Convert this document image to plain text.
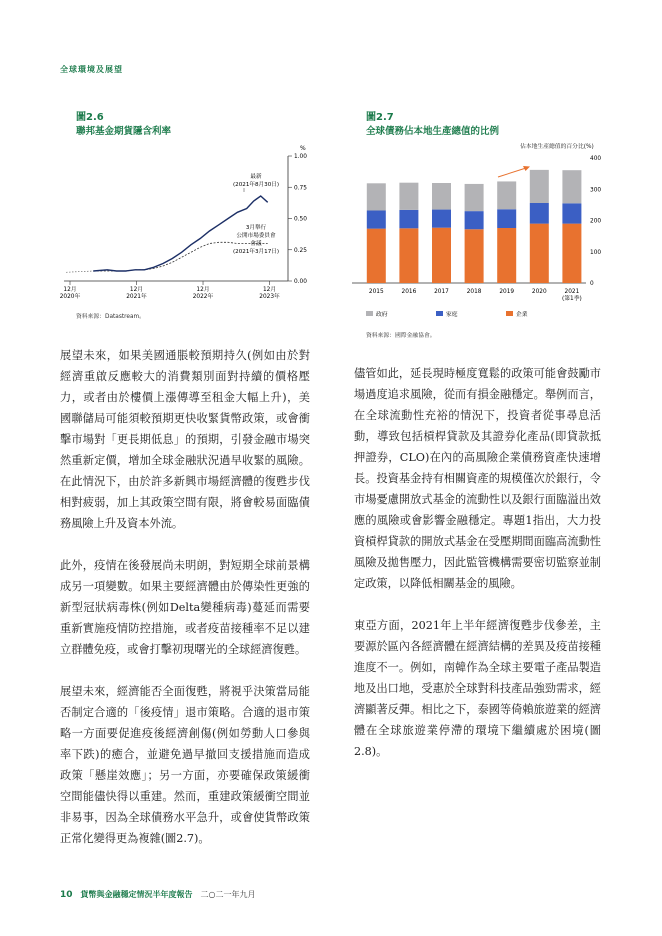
全球環境及展望
圖2.6
聯邦基金期貨隱含利率
%
1.00
0.75
0.50
0.25
0.00
12月
2020年
12月
2021年
12月
2022年
12月
2023年
最新
(2021年8月30日)
3月舉行
公開市場委員會
會議
(2021年3月17日)
資料來源：Datastream。
圖2.7
全球債務佔本地生產總值的比例
佔本地生產總值的百分比(%)
400
300
200
100
0
2015	2016	2017	2018	2019	2020	2021
(第1季)
政府	家庭	企業
資料來源：國際金融協會。

展望未來，如果美國通脹較預期持久(例如由於對經濟重啟反應較大的消費類別面對持續的價格壓力，或者由於樓價上漲傳導至租金大幅上升)，美國聯儲局可能須較預期更快收緊貨幣政策，或會衝擊市場對「更長期低息」的預期，引發金融市場突然重新定價，增加全球金融狀況過早收緊的風險。在此情況下，由於許多新興市場經濟體的復甦步伐相對疲弱，加上其政策空間有限，將會較易面臨債務風險上升及資本外流。

此外，疫情在後發展尚未明朗，對短期全球前景構成另一項變數。如果主要經濟體由於傳染性更強的新型冠狀病毒株(例如Delta變種病毒)蔓延而需要重新實施疫情防控措施，或者疫苗接種率不足以建立群體免疫，或會打擊初現曙光的全球經濟復甦。

展望未來，經濟能否全面復甦，將視乎決策當局能否制定合適的「後疫情」退市策略。合適的退市策略一方面要促進疫後經濟創傷(例如勞動人口參與率下跌)的癒合，並避免過早撤回支援措施而造成政策「懸崖效應」；另一方面，亦要確保政策緩衝空間能儘快得以重建。然而，重建政策緩衝空間並非易事，因為全球債務水平急升，或會使貨幣政策正常化變得更為複雜(圖2.7)。

儘管如此，延長現時極度寬鬆的政策可能會鼓勵市場過度追求風險，從而有損金融穩定。舉例而言，在全球流動性充裕的情況下，投資者從事尋息活動，導致包括槓桿貸款及其證券化產品(即貸款抵押證券，CLO)在內的高風險企業債務資產快速增長。投資基金持有相關資產的規模僅次於銀行，令市場憂慮開放式基金的流動性以及銀行面臨溢出效應的風險或會影響金融穩定。專題1指出，大力投資槓桿貸款的開放式基金在受壓期間面臨高流動性風險及拋售壓力，因此監管機構需要密切監察並制定政策，以降低相關基金的風險。

東亞方面，2021年上半年經濟復甦步伐參差，主要源於區內各經濟體在經濟結構的差異及疫苗接種進度不一。例如，南韓作為全球主要電子產品製造地及出口地，受惠於全球對科技產品強勁需求，經濟顯著反彈。相比之下，泰國等倚賴旅遊業的經濟體在全球旅遊業停滯的環境下繼續處於困境(圖2.8)。

10 貨幣與金融穩定情況半年度報告 二○二一年九月
